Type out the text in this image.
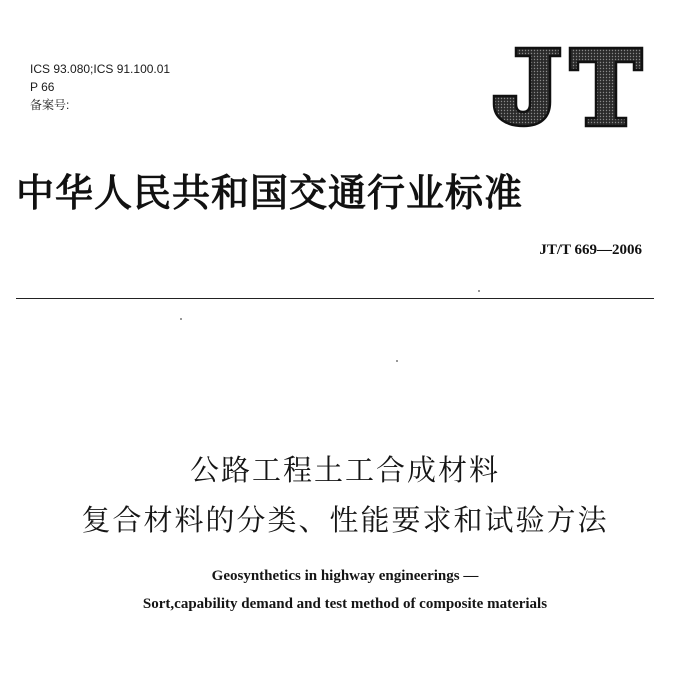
ICS 93.080;ICS 91.100.01
P 66
备案号:
中华人民共和国交通行业标准
JT/T 669—2006
公路工程土工合成材料
复合材料的分类、性能要求和试验方法
Geosynthetics in highway engineerings —
Sort,capability demand and test method of composite materials
